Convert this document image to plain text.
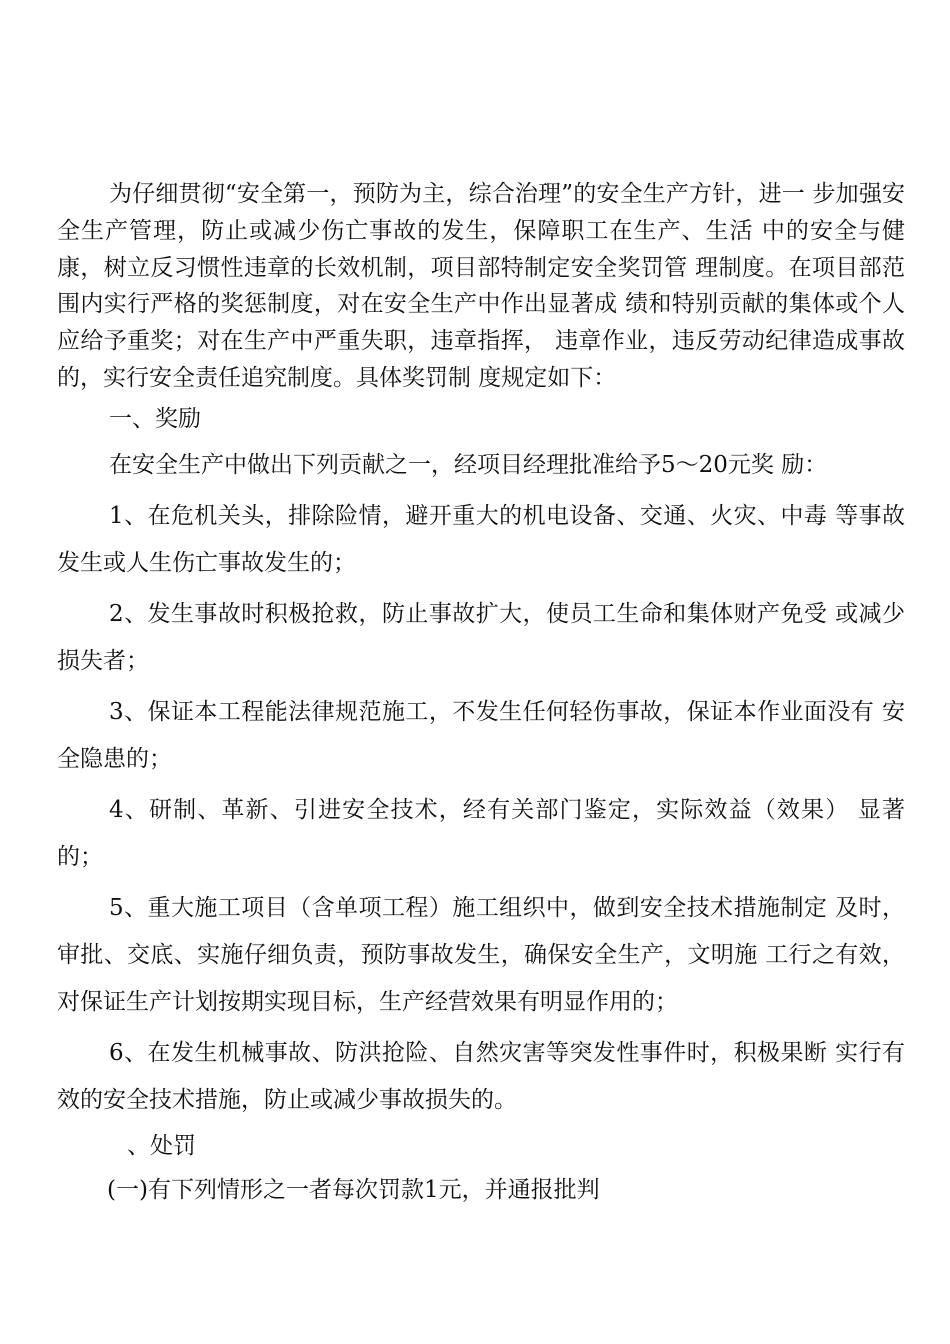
为仔细贯彻“安全第一，预防为主，综合治理”的安全生产方针，进一 步加强安全生产管理，防止或减少伤亡事故的发生，保障职工在生产、生活 中的安全与健康，树立反习惯性违章的长效机制，项目部特制定安全奖罚管 理制度。在项目部范围内实行严格的奖惩制度，对在安全生产中作出显著成 绩和特别贡献的集体或个人应给予重奖；对在生产中严重失职，违章指挥， 违章作业，违反劳动纪律造成事故的，实行安全责任追究制度。具体奖罚制 度规定如下：

一、奖励

在安全生产中做出下列贡献之一，经项目经理批准给予5〜20元奖 励：

1、在危机关头，排除险情，避开重大的机电设备、交通、火灾、中毒 等事故发生或人生伤亡事故发生的；

2、发生事故时积极抢救，防止事故扩大，使员工生命和集体财产免受 或减少损失者；

3、保证本工程能法律规范施工，不发生任何轻伤事故，保证本作业面没有 安全隐患的；

4、研制、革新、引进安全技术，经有关部门鉴定，实际效益（效果） 显著的；

5、重大施工项目（含单项工程）施工组织中，做到安全技术措施制定 及时，审批、交底、实施仔细负责，预防事故发生，确保安全生产，文明施 工行之有效，对保证生产计划按期实现目标，生产经营效果有明显作用的；

6、在发生机械事故、防洪抢险、自然灾害等突发性事件时，积极果断 实行有效的安全技术措施，防止或减少事故损失的。

、处罚

(一)有下列情形之一者每次罚款1元，并通报批判
